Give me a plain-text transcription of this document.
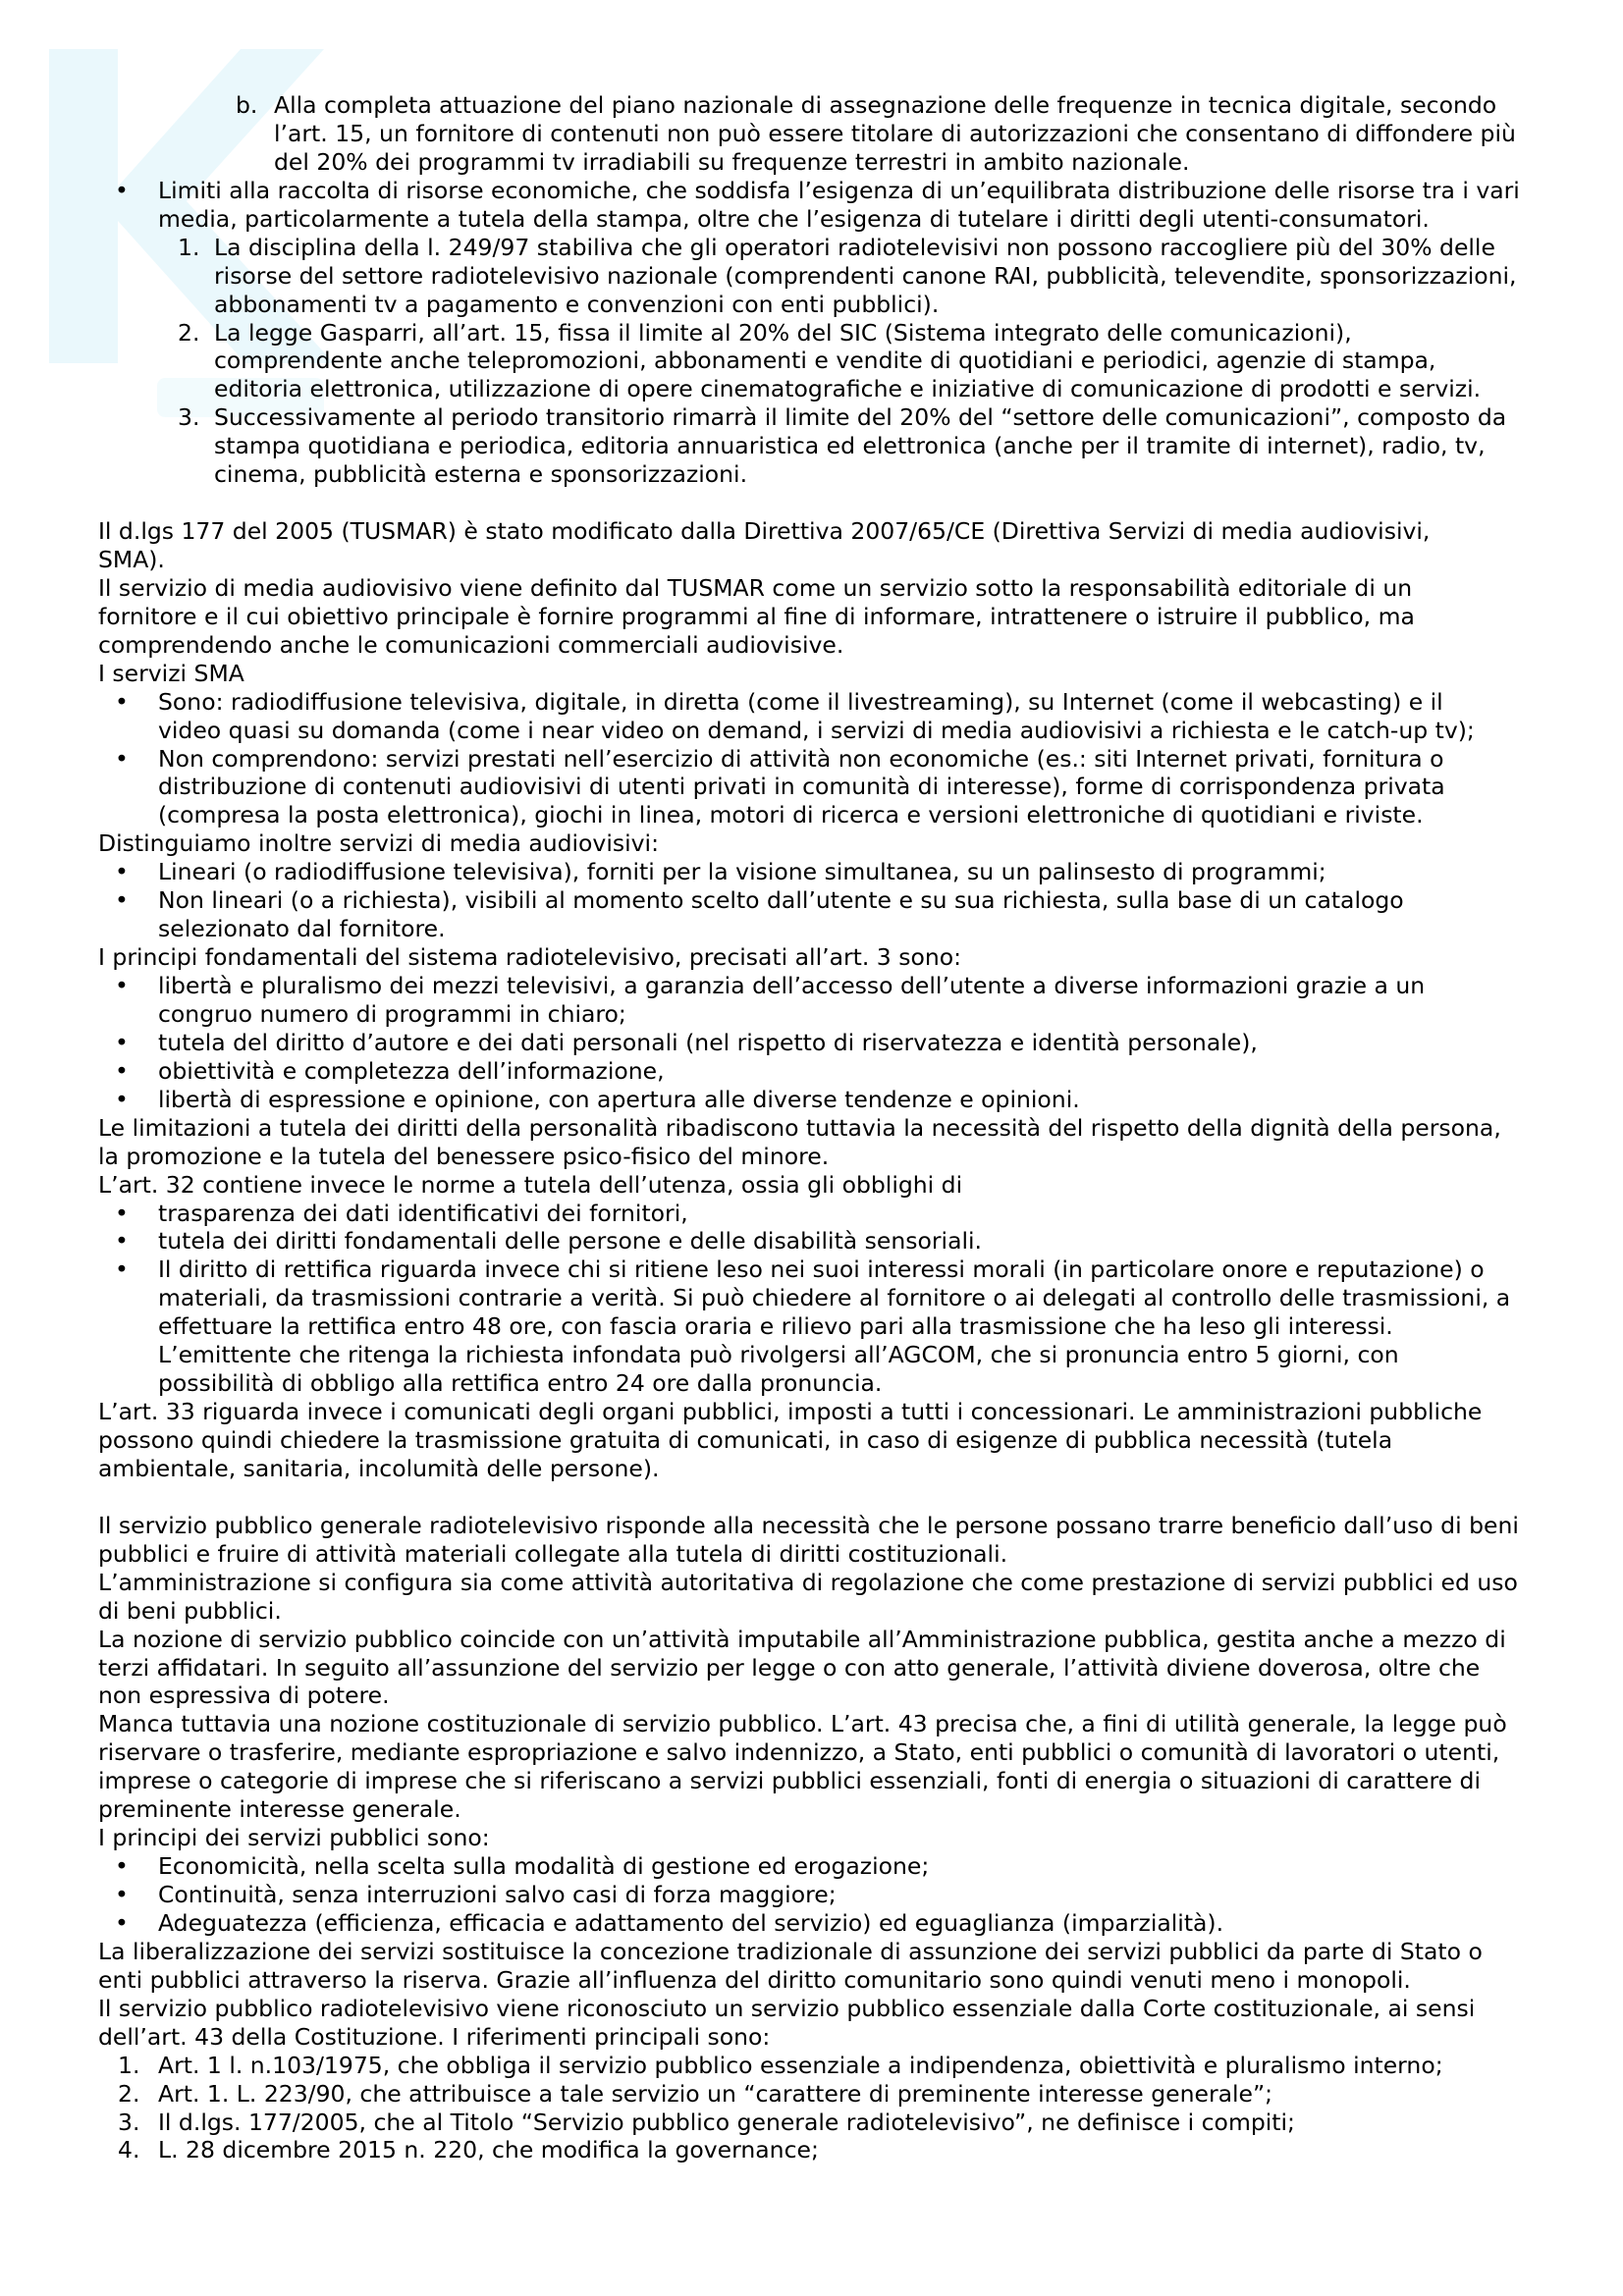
b. Alla completa attuazione del piano nazionale di assegnazione delle frequenze in tecnica digitale, secondo
l’art. 15, un fornitore di contenuti non può essere titolare di autorizzazioni che consentano di diffondere più
del 20% dei programmi tv irradiabili su frequenze terrestri in ambito nazionale.
• Limiti alla raccolta di risorse economiche, che soddisfa l’esigenza di un’equilibrata distribuzione delle risorse tra i vari
media, particolarmente a tutela della stampa, oltre che l’esigenza di tutelare i diritti degli utenti-consumatori.
1. La disciplina della l. 249/97 stabiliva che gli operatori radiotelevisivi non possono raccogliere più del 30% delle
risorse del settore radiotelevisivo nazionale (comprendenti canone RAI, pubblicità, televendite, sponsorizzazioni,
abbonamenti tv a pagamento e convenzioni con enti pubblici).
2. La legge Gasparri, all’art. 15, fissa il limite al 20% del SIC (Sistema integrato delle comunicazioni),
comprendente anche telepromozioni, abbonamenti e vendite di quotidiani e periodici, agenzie di stampa,
editoria elettronica, utilizzazione di opere cinematografiche e iniziative di comunicazione di prodotti e servizi.
3. Successivamente al periodo transitorio rimarrà il limite del 20% del “settore delle comunicazioni”, composto da
stampa quotidiana e periodica, editoria annuaristica ed elettronica (anche per il tramite di internet), radio, tv,
cinema, pubblicità esterna e sponsorizzazioni.
Il d.lgs 177 del 2005 (TUSMAR) è stato modificato dalla Direttiva 2007/65/CE (Direttiva Servizi di media audiovisivi,
SMA).
Il servizio di media audiovisivo viene definito dal TUSMAR come un servizio sotto la responsabilità editoriale di un
fornitore e il cui obiettivo principale è fornire programmi al fine di informare, intrattenere o istruire il pubblico, ma
comprendendo anche le comunicazioni commerciali audiovisive.
I servizi SMA
• Sono: radiodiffusione televisiva, digitale, in diretta (come il livestreaming), su Internet (come il webcasting) e il
video quasi su domanda (come i near video on demand, i servizi di media audiovisivi a richiesta e le catch-up tv);
• Non comprendono: servizi prestati nell’esercizio di attività non economiche (es.: siti Internet privati, fornitura o
distribuzione di contenuti audiovisivi di utenti privati in comunità di interesse), forme di corrispondenza privata
(compresa la posta elettronica), giochi in linea, motori di ricerca e versioni elettroniche di quotidiani e riviste.
Distinguiamo inoltre servizi di media audiovisivi:
• Lineari (o radiodiffusione televisiva), forniti per la visione simultanea, su un palinsesto di programmi;
• Non lineari (o a richiesta), visibili al momento scelto dall’utente e su sua richiesta, sulla base di un catalogo
selezionato dal fornitore.
I principi fondamentali del sistema radiotelevisivo, precisati all’art. 3 sono:
• libertà e pluralismo dei mezzi televisivi, a garanzia dell’accesso dell’utente a diverse informazioni grazie a un
congruo numero di programmi in chiaro;
• tutela del diritto d’autore e dei dati personali (nel rispetto di riservatezza e identità personale),
• obiettività e completezza dell’informazione,
• libertà di espressione e opinione, con apertura alle diverse tendenze e opinioni.
Le limitazioni a tutela dei diritti della personalità ribadiscono tuttavia la necessità del rispetto della dignità della persona,
la promozione e la tutela del benessere psico-fisico del minore.
L’art. 32 contiene invece le norme a tutela dell’utenza, ossia gli obblighi di
• trasparenza dei dati identificativi dei fornitori,
• tutela dei diritti fondamentali delle persone e delle disabilità sensoriali.
• Il diritto di rettifica riguarda invece chi si ritiene leso nei suoi interessi morali (in particolare onore e reputazione) o
materiali, da trasmissioni contrarie a verità. Si può chiedere al fornitore o ai delegati al controllo delle trasmissioni, a
effettuare la rettifica entro 48 ore, con fascia oraria e rilievo pari alla trasmissione che ha leso gli interessi.
L’emittente che ritenga la richiesta infondata può rivolgersi all’AGCOM, che si pronuncia entro 5 giorni, con
possibilità di obbligo alla rettifica entro 24 ore dalla pronuncia.
L’art. 33 riguarda invece i comunicati degli organi pubblici, imposti a tutti i concessionari. Le amministrazioni pubbliche
possono quindi chiedere la trasmissione gratuita di comunicati, in caso di esigenze di pubblica necessità (tutela
ambientale, sanitaria, incolumità delle persone).
Il servizio pubblico generale radiotelevisivo risponde alla necessità che le persone possano trarre beneficio dall’uso di beni
pubblici e fruire di attività materiali collegate alla tutela di diritti costituzionali.
L’amministrazione si configura sia come attività autoritativa di regolazione che come prestazione di servizi pubblici ed uso
di beni pubblici.
La nozione di servizio pubblico coincide con un’attività imputabile all’Amministrazione pubblica, gestita anche a mezzo di
terzi affidatari. In seguito all’assunzione del servizio per legge o con atto generale, l’attività diviene doverosa, oltre che
non espressiva di potere.
Manca tuttavia una nozione costituzionale di servizio pubblico. L’art. 43 precisa che, a fini di utilità generale, la legge può
riservare o trasferire, mediante espropriazione e salvo indennizzo, a Stato, enti pubblici o comunità di lavoratori o utenti,
imprese o categorie di imprese che si riferiscano a servizi pubblici essenziali, fonti di energia o situazioni di carattere di
preminente interesse generale.
I principi dei servizi pubblici sono:
• Economicità, nella scelta sulla modalità di gestione ed erogazione;
• Continuità, senza interruzioni salvo casi di forza maggiore;
• Adeguatezza (efficienza, efficacia e adattamento del servizio) ed eguaglianza (imparzialità).
La liberalizzazione dei servizi sostituisce la concezione tradizionale di assunzione dei servizi pubblici da parte di Stato o
enti pubblici attraverso la riserva. Grazie all’influenza del diritto comunitario sono quindi venuti meno i monopoli.
Il servizio pubblico radiotelevisivo viene riconosciuto un servizio pubblico essenziale dalla Corte costituzionale, ai sensi
dell’art. 43 della Costituzione. I riferimenti principali sono:
1. Art. 1 l. n.103/1975, che obbliga il servizio pubblico essenziale a indipendenza, obiettività e pluralismo interno;
2. Art. 1. L. 223/90, che attribuisce a tale servizio un “carattere di preminente interesse generale”;
3. Il d.lgs. 177/2005, che al Titolo “Servizio pubblico generale radiotelevisivo”, ne definisce i compiti;
4. L. 28 dicembre 2015 n. 220, che modifica la governance;
